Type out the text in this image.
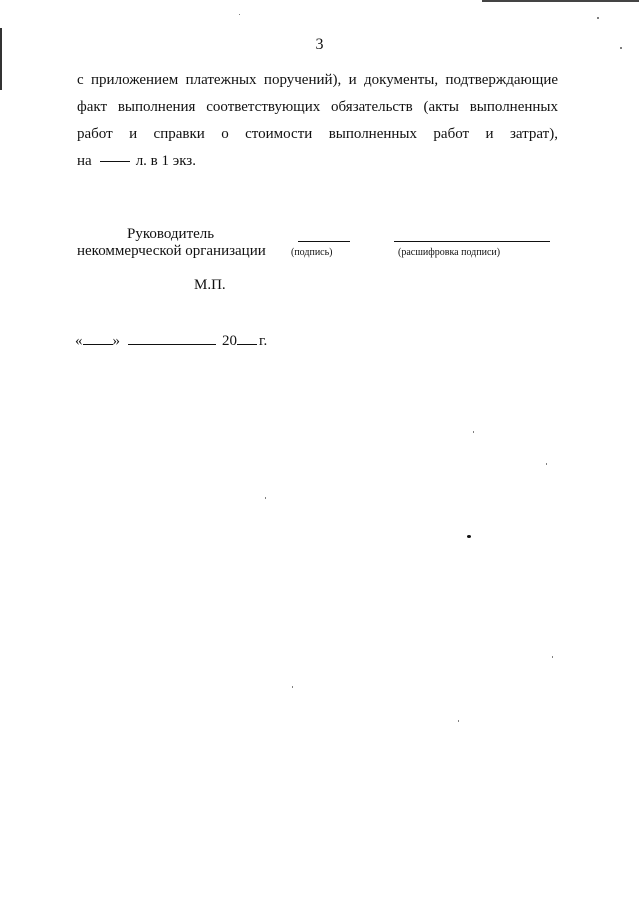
3
с приложением платежных поручений), и документы, подтверждающие
факт выполнения соответствующих обязательств (акты выполненных
работ и справки о стоимости выполненных работ и затрат),
на	л. в 1 экз.
Руководитель
некоммерческой организации	(подпись)	(расшифровка подписи)
М.П.
« »	20 г.
